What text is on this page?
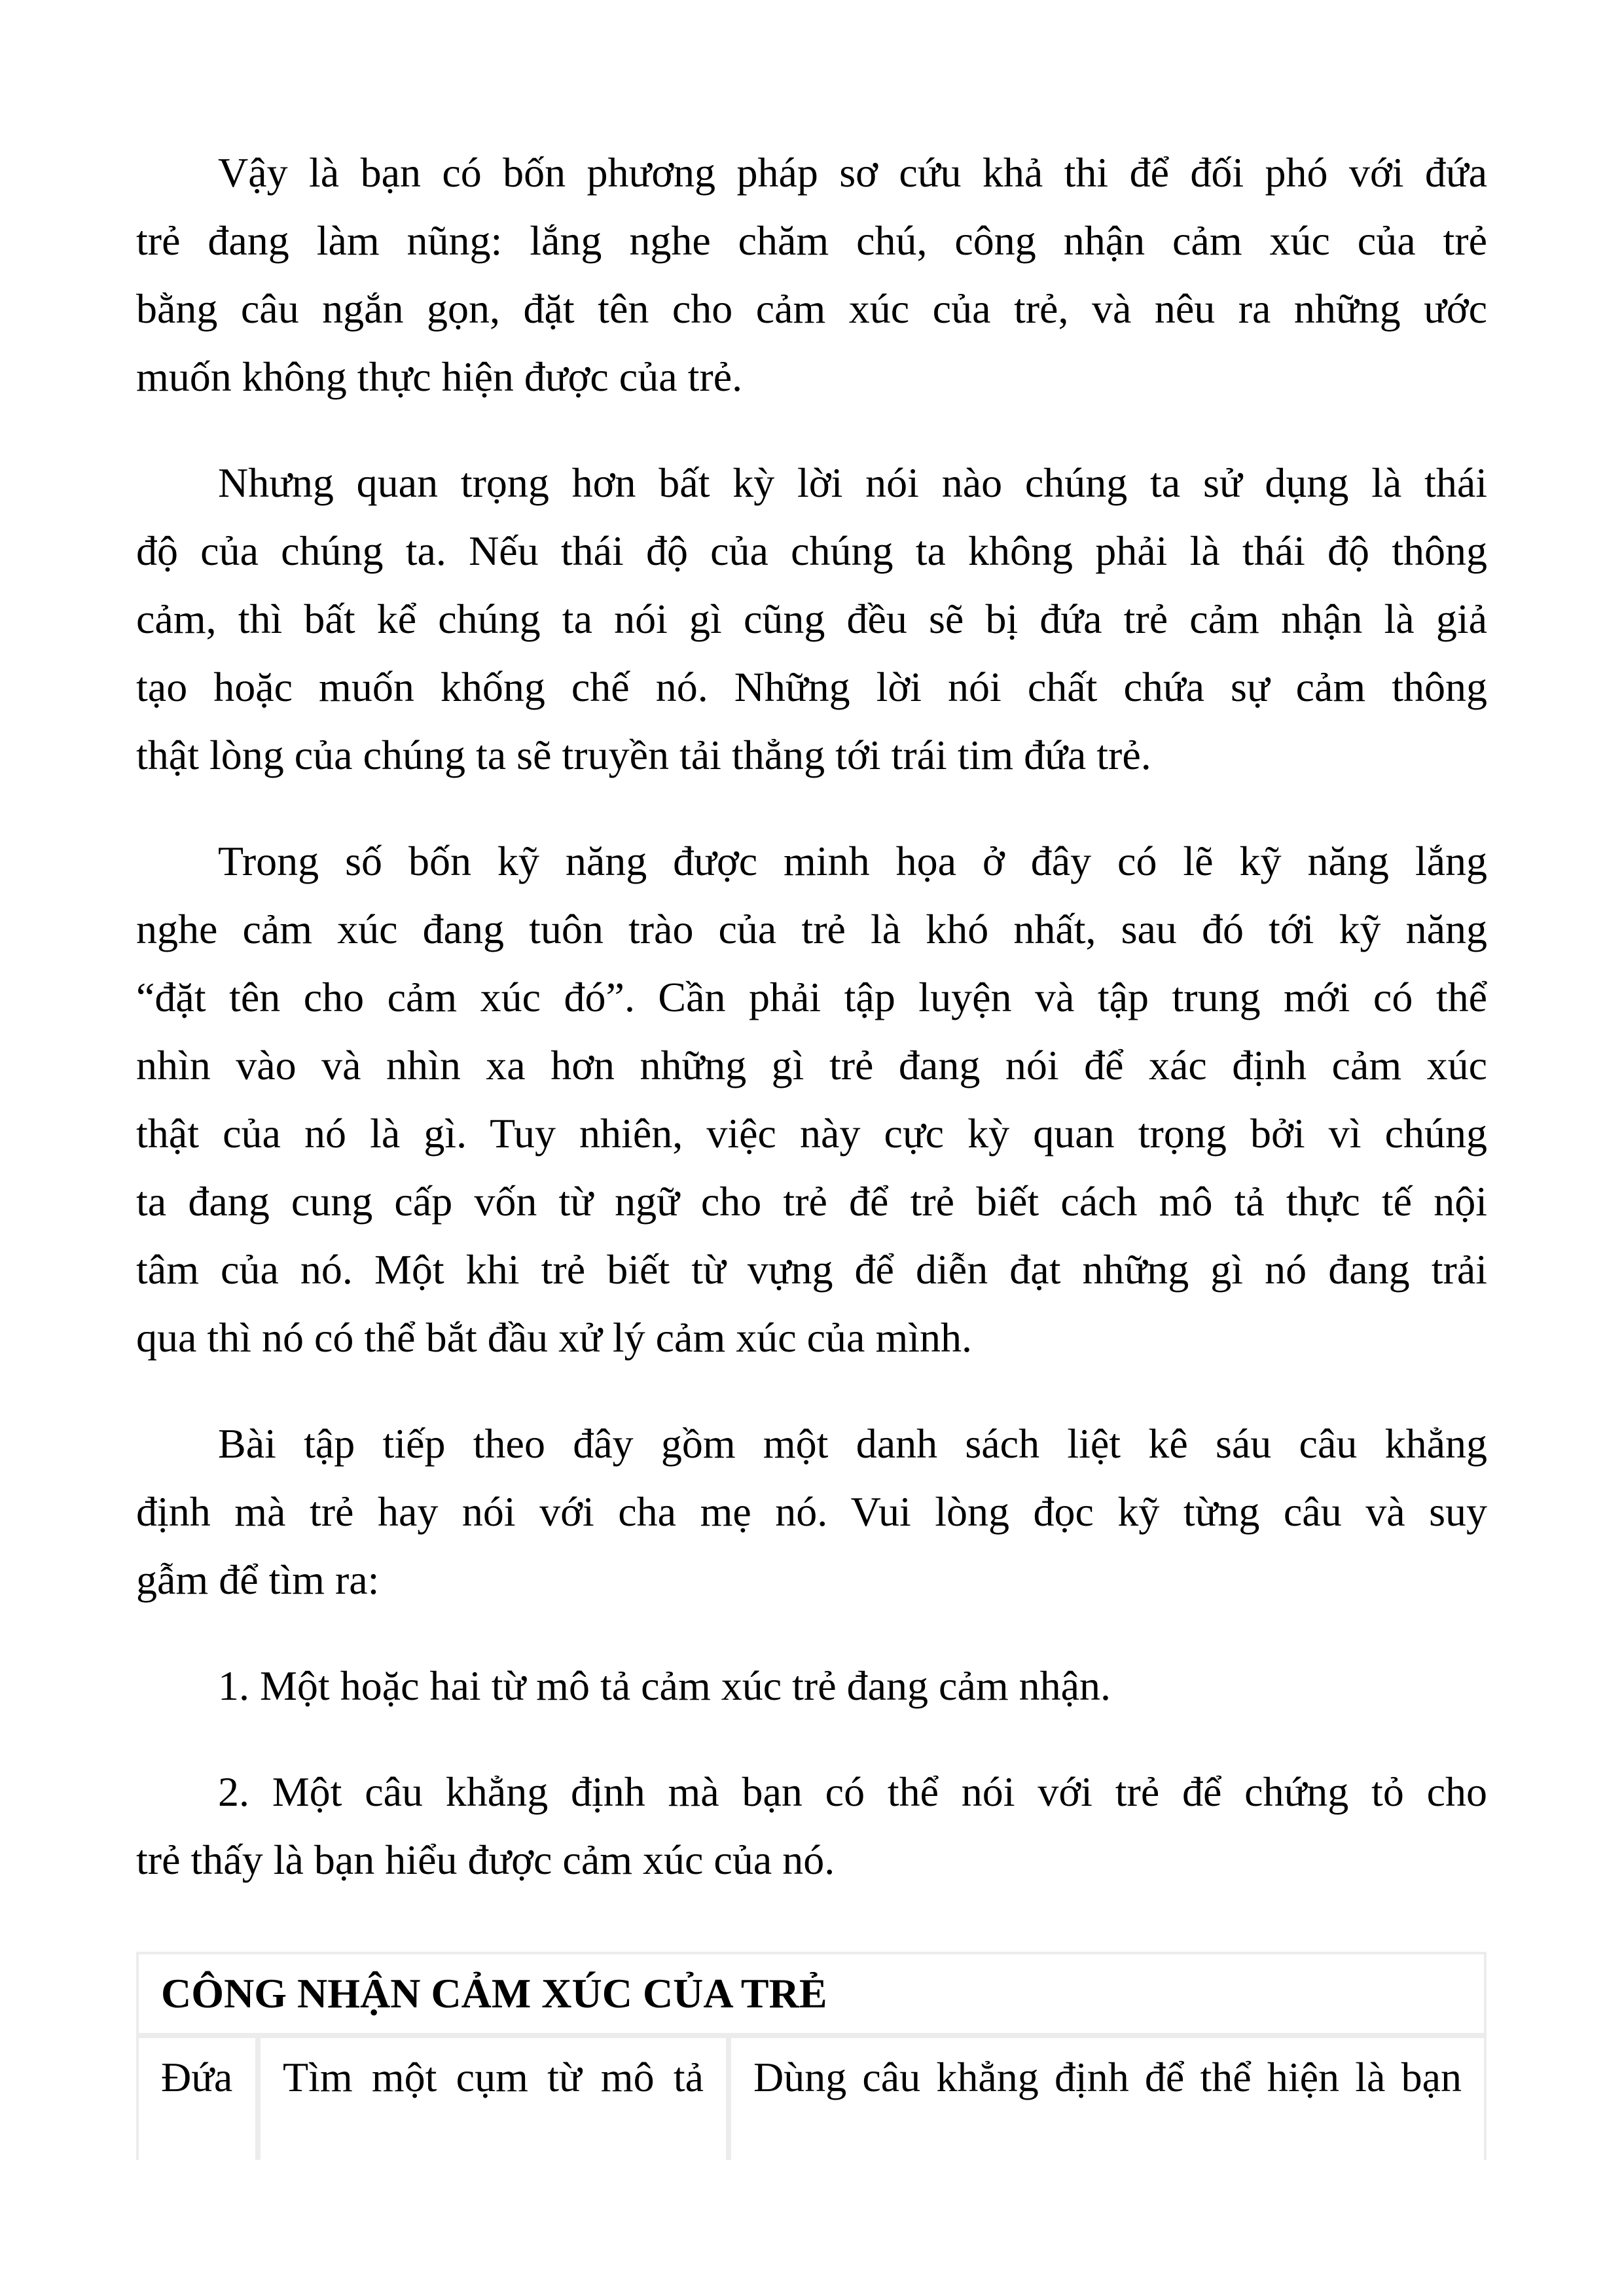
Vậy là bạn có bốn phương pháp sơ cứu khả thi để đối phó với đứa
trẻ đang làm nũng: lắng nghe chăm chú, công nhận cảm xúc của trẻ
bằng câu ngắn gọn, đặt tên cho cảm xúc của trẻ, và nêu ra những ước
muốn không thực hiện được của trẻ.
Nhưng quan trọng hơn bất kỳ lời nói nào chúng ta sử dụng là thái
độ của chúng ta. Nếu thái độ của chúng ta không phải là thái độ thông
cảm, thì bất kể chúng ta nói gì cũng đều sẽ bị đứa trẻ cảm nhận là giả
tạo hoặc muốn khống chế nó. Những lời nói chất chứa sự cảm thông
thật lòng của chúng ta sẽ truyền tải thẳng tới trái tim đứa trẻ.
Trong số bốn kỹ năng được minh họa ở đây có lẽ kỹ năng lắng
nghe cảm xúc đang tuôn trào của trẻ là khó nhất, sau đó tới kỹ năng
“đặt tên cho cảm xúc đó”. Cần phải tập luyện và tập trung mới có thể
nhìn vào và nhìn xa hơn những gì trẻ đang nói để xác định cảm xúc
thật của nó là gì. Tuy nhiên, việc này cực kỳ quan trọng bởi vì chúng
ta đang cung cấp vốn từ ngữ cho trẻ để trẻ biết cách mô tả thực tế nội
tâm của nó. Một khi trẻ biết từ vựng để diễn đạt những gì nó đang trải
qua thì nó có thể bắt đầu xử lý cảm xúc của mình.
Bài tập tiếp theo đây gồm một danh sách liệt kê sáu câu khẳng
định mà trẻ hay nói với cha mẹ nó. Vui lòng đọc kỹ từng câu và suy
gẫm để tìm ra:
1. Một hoặc hai từ mô tả cảm xúc trẻ đang cảm nhận.
2. Một câu khẳng định mà bạn có thể nói với trẻ để chứng tỏ cho
trẻ thấy là bạn hiểu được cảm xúc của nó.
CÔNG NHẬN CẢM XÚC CỦA TRẺ
Đứa	Tìm một cụm từ mô tả	Dùng câu khẳng định để thể hiện là bạn
